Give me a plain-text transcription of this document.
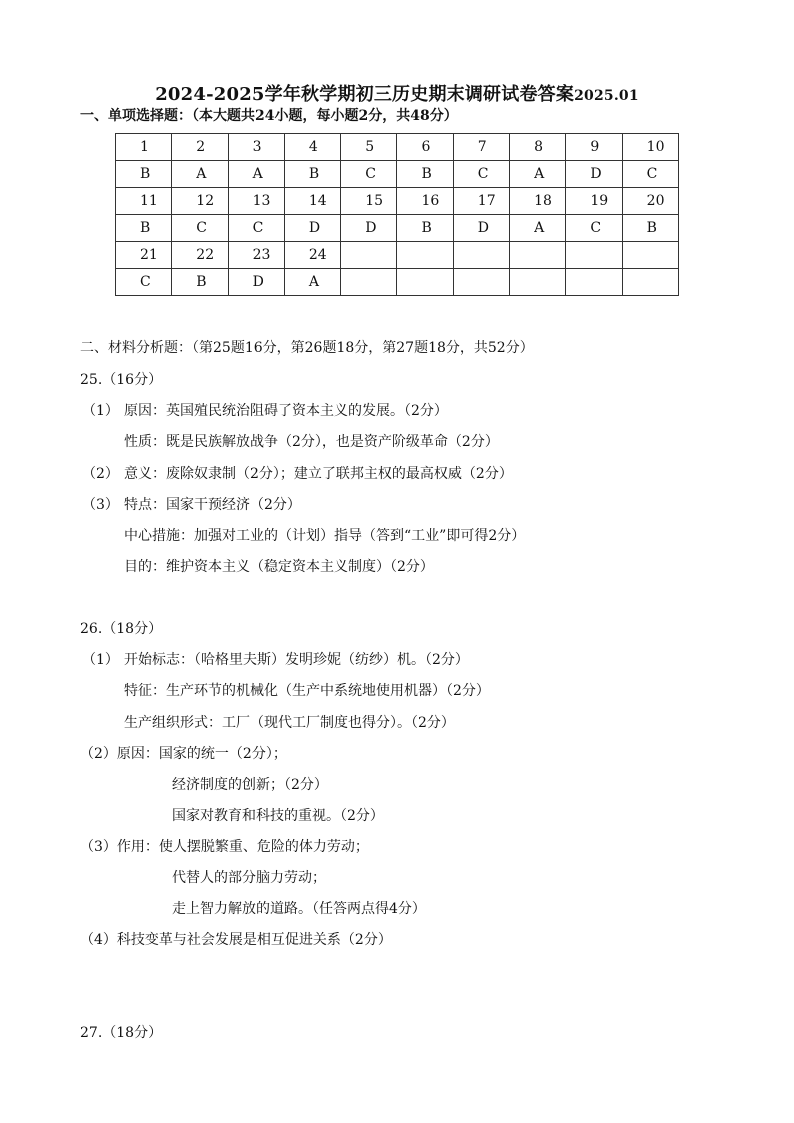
2024-2025学年秋学期初三历史期末调研试卷答案2025.01
一、单项选择题：（本大题共24小题，每小题2分，共48分）
1	2	3	4	5	6	7	8	9	10
B	A	A	B	C	B	C	A	D	C
11	12	13	14	15	16	17	18	19	20
B	C	C	D	D	B	D	A	C	B
21	22	23	24						
C	B	D	A						
二、材料分析题：（第25题16分，第26题18分，第27题18分，共52分）
25.（16分）
（1） 原因：英国殖民统治阻碍了资本主义的发展。（2分）
性质：既是民族解放战争（2分），也是资产阶级革命（2分）
（2） 意义：废除奴隶制（2分）；建立了联邦主权的最高权威（2分）
（3） 特点：国家干预经济（2分）
中心措施：加强对工业的（计划）指导（答到“工业”即可得2分）
目的：维护资本主义（稳定资本主义制度）（2分）
26.（18分）
（1） 开始标志：（哈格里夫斯）发明珍妮（纺纱）机。（2分）
特征：生产环节的机械化（生产中系统地使用机器）（2分）
生产组织形式：工厂（现代工厂制度也得分）。（2分）
（2）原因：国家的统一（2分）；
经济制度的创新；（2分）
国家对教育和科技的重视。（2分）
（3）作用：使人摆脱繁重、危险的体力劳动；
代替人的部分脑力劳动；
走上智力解放的道路。（任答两点得4分）
（4）科技变革与社会发展是相互促进关系（2分）
27.（18分）
